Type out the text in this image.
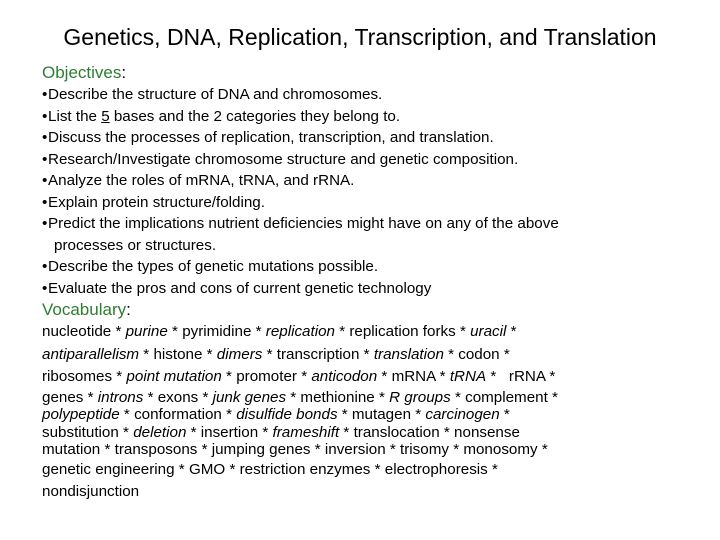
Genetics, DNA, Replication, Transcription, and Translation
Objectives:
•Describe the structure of DNA and chromosomes.
•List the 5 bases and the 2 categories they belong to.
•Discuss the processes of replication, transcription, and translation.
•Research/Investigate chromosome structure and genetic composition.
•Analyze the roles of mRNA, tRNA, and rRNA.
•Explain protein structure/folding.
•Predict the implications nutrient deficiencies might have on any of the above
processes or structures.
•Describe the types of genetic mutations possible.
•Evaluate the pros and cons of current genetic technology
Vocabulary:
nucleotide * purine * pyrimidine * replication * replication forks * uracil *
antiparallelism * histone * dimers * transcription * translation * codon *
ribosomes * point mutation * promoter * anticodon * mRNA * tRNA *   rRNA *
genes * introns * exons * junk genes * methionine * R groups * complement *
polypeptide * conformation * disulfide bonds * mutagen * carcinogen *
substitution * deletion * insertion * frameshift * translocation * nonsense
mutation * transposons * jumping genes * inversion * trisomy * monosomy *
genetic engineering * GMO * restriction enzymes * electrophoresis *
nondisjunction
